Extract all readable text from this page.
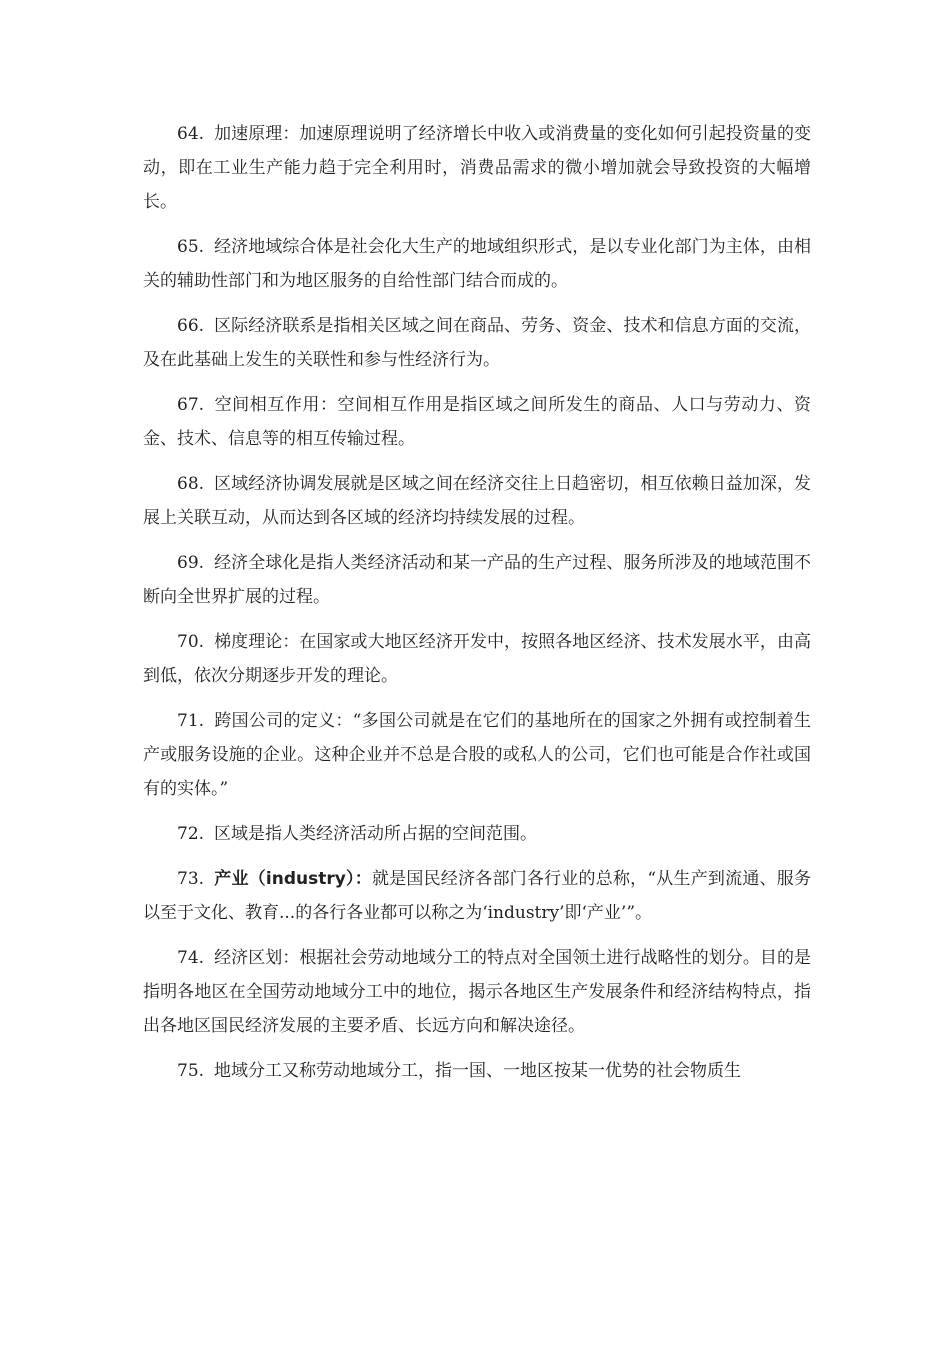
64. 加速原理：加速原理说明了经济增长中收入或消费量的变化如何引起投资量的变动，即在工业生产能力趋于完全利用时，消费品需求的微小增加就会导致投资的大幅增长。

65. 经济地域综合体是社会化大生产的地域组织形式，是以专业化部门为主体，由相关的辅助性部门和为地区服务的自给性部门结合而成的。

66. 区际经济联系是指相关区域之间在商品、劳务、资金、技术和信息方面的交流，及在此基础上发生的关联性和参与性经济行为。

67. 空间相互作用：空间相互作用是指区域之间所发生的商品、人口与劳动力、资金、技术、信息等的相互传输过程。

68. 区域经济协调发展就是区域之间在经济交往上日趋密切，相互依赖日益加深，发展上关联互动，从而达到各区域的经济均持续发展的过程。

69. 经济全球化是指人类经济活动和某一产品的生产过程、服务所涉及的地域范围不断向全世界扩展的过程。

70. 梯度理论：在国家或大地区经济开发中，按照各地区经济、技术发展水平，由高到低，依次分期逐步开发的理论。

71. 跨国公司的定义：“多国公司就是在它们的基地所在的国家之外拥有或控制着生产或服务设施的企业。这种企业并不总是合股的或私人的公司，它们也可能是合作社或国有的实体。”

72. 区域是指人类经济活动所占据的空间范围。

73. 产业（industry）：就是国民经济各部门各行业的总称，“从生产到流通、服务以至于文化、教育...的各行各业都可以称之为‘industry’即‘产业’”。

74. 经济区划：根据社会劳动地域分工的特点对全国领土进行战略性的划分。目的是指明各地区在全国劳动地域分工中的地位，揭示各地区生产发展条件和经济结构特点，指出各地区国民经济发展的主要矛盾、长远方向和解决途径。

75. 地域分工又称劳动地域分工，指一国、一地区按某一优势的社会物质生
